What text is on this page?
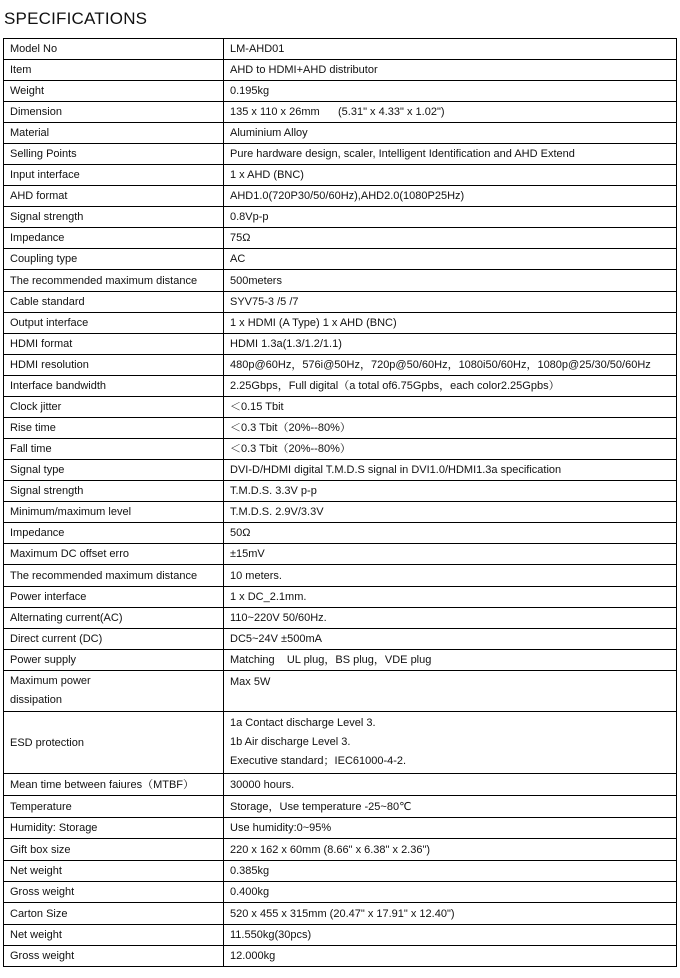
SPECIFICATIONS
Model No	LM-AHD01
Item	AHD to HDMI+AHD distributor
Weight	0.195kg
Dimension	135 x 110 x 26mm      (5.31" x 4.33" x 1.02")
Material	Aluminium Alloy
Selling Points	Pure hardware design, scaler, Intelligent Identification and AHD Extend
Input interface	1 x AHD (BNC)
AHD format	AHD1.0(720P30/50/60Hz),AHD2.0(1080P25Hz)
Signal strength	0.8Vp-p
Impedance	75Ω
Coupling type	AC
The recommended maximum distance	500meters
Cable standard	SYV75-3 /5 /7
Output interface	1 x HDMI (A Type) 1 x AHD (BNC)
HDMI format	HDMI 1.3a(1.3/1.2/1.1)
HDMI resolution	480p@60Hz，576i@50Hz，720p@50/60Hz，1080i50/60Hz，1080p@25/30/50/60Hz
Interface bandwidth	2.25Gbps，Full digital（a total of6.75Gpbs，each color2.25Gpbs）
Clock jitter	＜0.15 Tbit
Rise time	＜0.3 Tbit（20%--80%）
Fall time	＜0.3 Tbit（20%--80%）
Signal type	DVI-D/HDMI digital T.M.D.S signal in DVI1.0/HDMI1.3a specification
Signal strength	T.M.D.S. 3.3V p-p
Minimum/maximum level	T.M.D.S. 2.9V/3.3V
Impedance	50Ω
Maximum DC offset erro	±15mV
The recommended maximum distance	10 meters.
Power interface	1 x DC_2.1mm.
Alternating current(AC)	110~220V 50/60Hz.
Direct current (DC)	DC5~24V ±500mA
Power supply	Matching    UL plug，BS plug，VDE plug

Maximum power
dissipation	Max 5W
ESD protection	1a Contact discharge Level 3.
1b Air discharge Level 3.
Executive standard；IEC61000-4-2.

Mean time between faiures（MTBF）	30000 hours.
Temperature	Storage，Use temperature -25~80℃
Humidity: Storage	Use humidity:0~95%
Gift box size	220 x 162 x 60mm (8.66" x 6.38" x 2.36")
Net weight	0.385kg
Gross weight	0.400kg
Carton Size	520 x 455 x 315mm (20.47" x 17.91" x 12.40")
Net weight	11.550kg(30pcs)
Gross weight	12.000kg
